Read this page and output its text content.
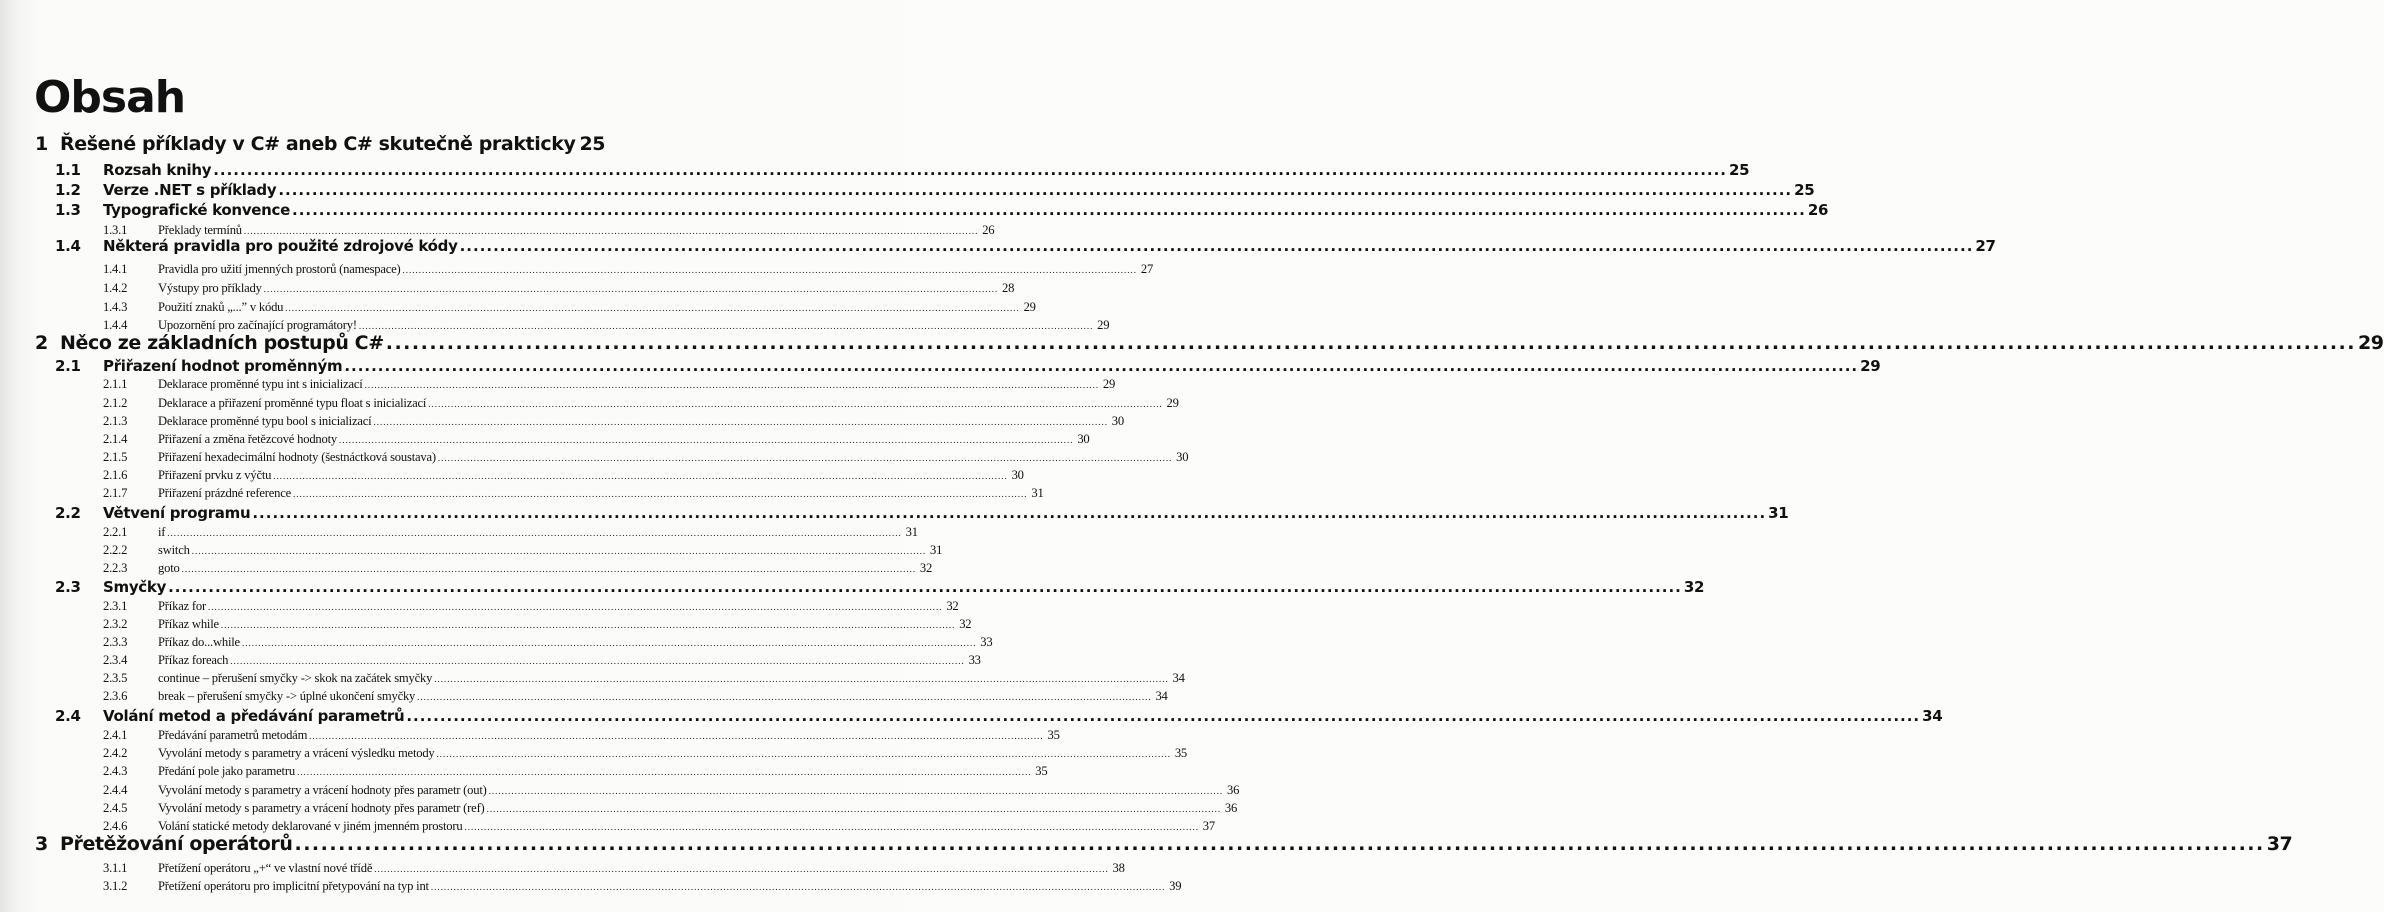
Obsah
1 Řešené příklady v C# aneb C# skutečně prakticky 25
1.1	Rozsah knihy .....	25
1.2	Verze .NET s příklady .....	25
1.3	Typografické konvence .....	26
1.3.1	Překlady termínů .....	26
1.4	Některá pravidla pro použité zdrojové kódy .....	27
1.4.1	Pravidla pro užití jmenných prostorů (namespace) .....	27
1.4.2	Výstupy pro příklady .....	28
1.4.3	Použití znaků „...” v kódu .....	29
1.4.4	Upozornění pro začínající programátory! .....	29
2 Něco ze základních postupů C# .....	29
2.1	Přiřazení hodnot proměnným .....	29
2.1.1	Deklarace proměnné typu int s inicializací .....	29
2.1.2	Deklarace a přiřazení proměnné typu float s inicializací .....	29
2.1.3	Deklarace proměnné typu bool s inicializací .....	30
2.1.4	Přiřazení a změna řetězcové hodnoty .....	30
2.1.5	Přiřazení hexadecimální hodnoty (šestnáctková soustava) .....	30
2.1.6	Přiřazení prvku z výčtu .....	30
2.1.7	Přiřazení prázdné reference .....	31
2.2	Větvení programu .....	31
2.2.1	if .....	31
2.2.2	switch .....	31
2.2.3	goto .....	32
2.3	Smyčky .....	32
2.3.1	Příkaz for .....	32
2.3.2	Příkaz while .....	32
2.3.3	Příkaz do...while .....	33
2.3.4	Příkaz foreach .....	33
2.3.5	continue – přerušení smyčky -> skok na začátek smyčky .....	34
2.3.6	break – přerušení smyčky -> úplné ukončení smyčky .....	34
2.4	Volání metod a předávání parametrů .....	34
2.4.1	Předávání parametrů metodám .....	35
2.4.2	Vyvolání metody s parametry a vrácení výsledku metody .....	35
2.4.3	Předání pole jako parametru .....	35
2.4.4	Vyvolání metody s parametry a vrácení hodnoty přes parametr (out) .....	36
2.4.5	Vyvolání metody s parametry a vrácení hodnoty přes parametr (ref) .....	36
2.4.6	Volání statické metody deklarované v jiném jmenném prostoru .....	37
3 Přetěžování operátorů .....	37
3.1.1	Přetížení operátoru „+“ ve vlastní nové třídě .....	38
3.1.2	Přetížení operátoru pro implicitní přetypování na typ int .....	39
